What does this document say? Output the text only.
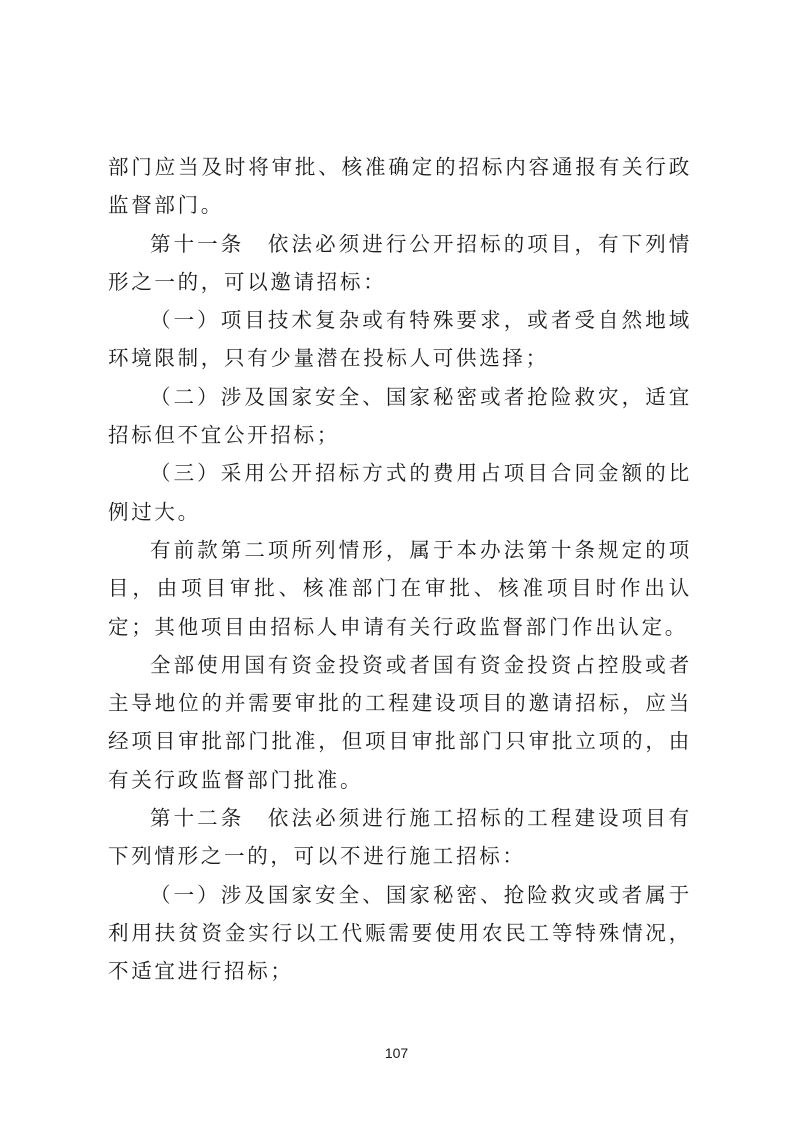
部门应当及时将审批、核准确定的招标内容通报有关行政监督部门。

第十一条　依法必须进行公开招标的项目，有下列情形之一的，可以邀请招标：

（一）项目技术复杂或有特殊要求，或者受自然地域环境限制，只有少量潜在投标人可供选择；

（二）涉及国家安全、国家秘密或者抢险救灾，适宜招标但不宜公开招标；

（三）采用公开招标方式的费用占项目合同金额的比例过大。

有前款第二项所列情形，属于本办法第十条规定的项目，由项目审批、核准部门在审批、核准项目时作出认定；其他项目由招标人申请有关行政监督部门作出认定。

全部使用国有资金投资或者国有资金投资占控股或者主导地位的并需要审批的工程建设项目的邀请招标，应当经项目审批部门批准，但项目审批部门只审批立项的，由有关行政监督部门批准。

第十二条　依法必须进行施工招标的工程建设项目有下列情形之一的，可以不进行施工招标：

（一）涉及国家安全、国家秘密、抢险救灾或者属于利用扶贫资金实行以工代赈需要使用农民工等特殊情况，不适宜进行招标；

107
